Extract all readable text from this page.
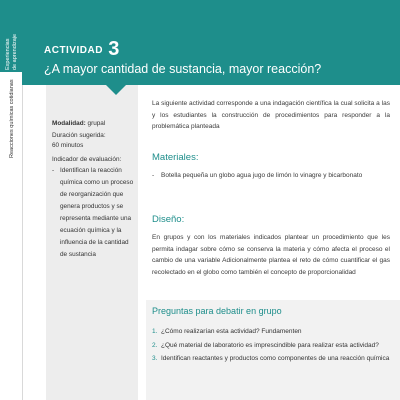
Experiencias de aprendizaje
Reacciones químicas cotidianas
ACTIVIDAD 3
¿A mayor cantidad de sustancia, mayor reacción?
Modalidad: grupal
Duración sugerida:
60 minutos
Indicador de evaluación:
- Identifican la reacción química como un proceso de reorganización que genera productos y se representa mediante una ecuación química y la influencia de la cantidad de sustancia
La siguiente actividad corresponde a una indagación científica la cual solicita a las y los estudiantes la construcción de procedimientos para responder a la problemática planteada
Materiales:
-	Botella pequeña un globo agua jugo de limón lo vinagre y bicarbonato
Diseño:
En grupos y con los materiales indicados plantear un procedimiento que les permita indagar sobre cómo se conserva la materia y cómo afecta el proceso el cambio de una variable Adicionalmente plantea el reto de cómo cuantificar el gas recolectado en el globo como también el concepto de proporcionalidad
Preguntas para debatir en grupo
1. ¿Cómo realizarían esta actividad? Fundamenten
2. ¿Qué material de laboratorio es imprescindible para realizar esta actividad?
3. Identifican reactantes y productos como componentes de una reacción química
